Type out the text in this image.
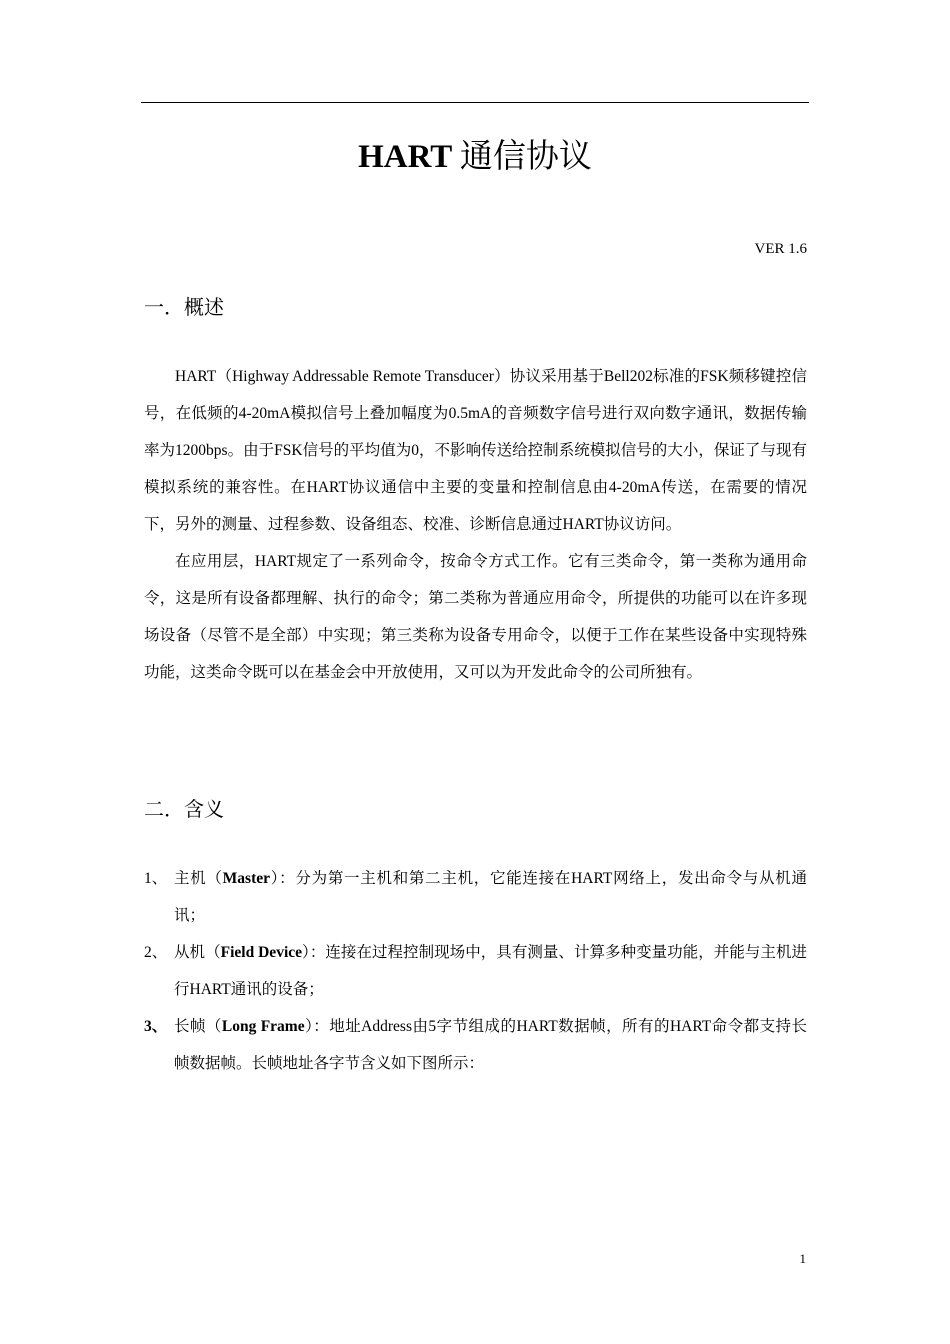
HART 通信协议
VER 1.6
一．概述

HART（Highway Addressable Remote Transducer）协议采用基于Bell202标准的FSK频移键控信号，在低频的4-20mA模拟信号上叠加幅度为0.5mA的音频数字信号进行双向数字通讯，数据传输率为1200bps。由于FSK信号的平均值为0，不影响传送给控制系统模拟信号的大小，保证了与现有模拟系统的兼容性。在HART协议通信中主要的变量和控制信息由4-20mA传送，在需要的情况下，另外的测量、过程参数、设备组态、校准、诊断信息通过HART协议访问。

在应用层，HART规定了一系列命令，按命令方式工作。它有三类命令，第一类称为通用命令，这是所有设备都理解、执行的命令；第二类称为普通应用命令，所提供的功能可以在许多现场设备（尽管不是全部）中实现；第三类称为设备专用命令，以便于工作在某些设备中实现特殊功能，这类命令既可以在基金会中开放使用，又可以为开发此命令的公司所独有。

二．含义
1、 主机（Master）：分为第一主机和第二主机，它能连接在HART网络上，发出命令与从机通讯；
2、 从机（Field Device）：连接在过程控制现场中，具有测量、计算多种变量功能，并能与主机进行HART通讯的设备；
3、 长帧（Long Frame）：地址Address由5字节组成的HART数据帧，所有的HART命令都支持长帧数据帧。长帧地址各字节含义如下图所示：
1
